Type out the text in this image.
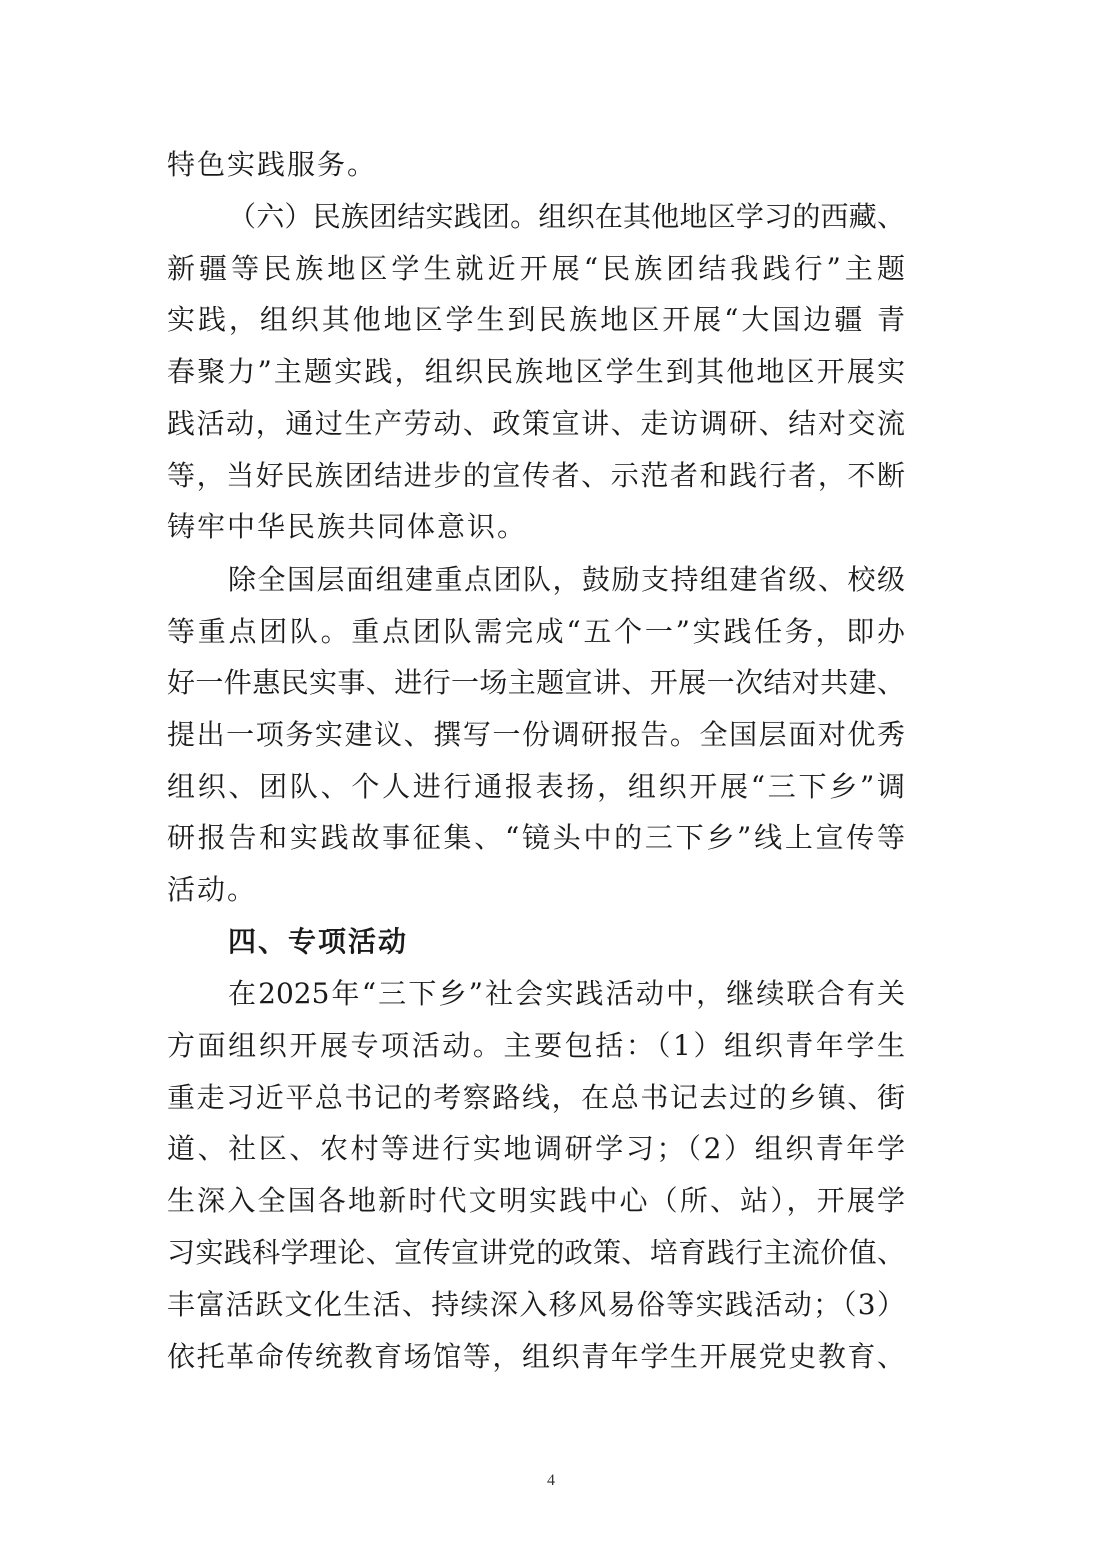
特色实践服务。
（六）民族团结实践团。组织在其他地区学习的西藏、
新疆等民族地区学生就近开展“民族团结我践行”主题
实践，组织其他地区学生到民族地区开展“大国边疆 青
春聚力”主题实践，组织民族地区学生到其他地区开展实
践活动，通过生产劳动、政策宣讲、走访调研、结对交流
等，当好民族团结进步的宣传者、示范者和践行者，不断
铸牢中华民族共同体意识。
除全国层面组建重点团队，鼓励支持组建省级、校级
等重点团队。重点团队需完成“五个一”实践任务，即办
好一件惠民实事、进行一场主题宣讲、开展一次结对共建、
提出一项务实建议、撰写一份调研报告。全国层面对优秀
组织、团队、个人进行通报表扬，组织开展“三下乡”调
研报告和实践故事征集、“镜头中的三下乡”线上宣传等
活动。
四、专项活动
在2025年“三下乡”社会实践活动中，继续联合有关
方面组织开展专项活动。主要包括：（1）组织青年学生
重走习近平总书记的考察路线，在总书记去过的乡镇、街
道、社区、农村等进行实地调研学习；（2）组织青年学
生深入全国各地新时代文明实践中心（所、站），开展学
习实践科学理论、宣传宣讲党的政策、培育践行主流价值、
丰富活跃文化生活、持续深入移风易俗等实践活动；（3）
依托革命传统教育场馆等，组织青年学生开展党史教育、
4
